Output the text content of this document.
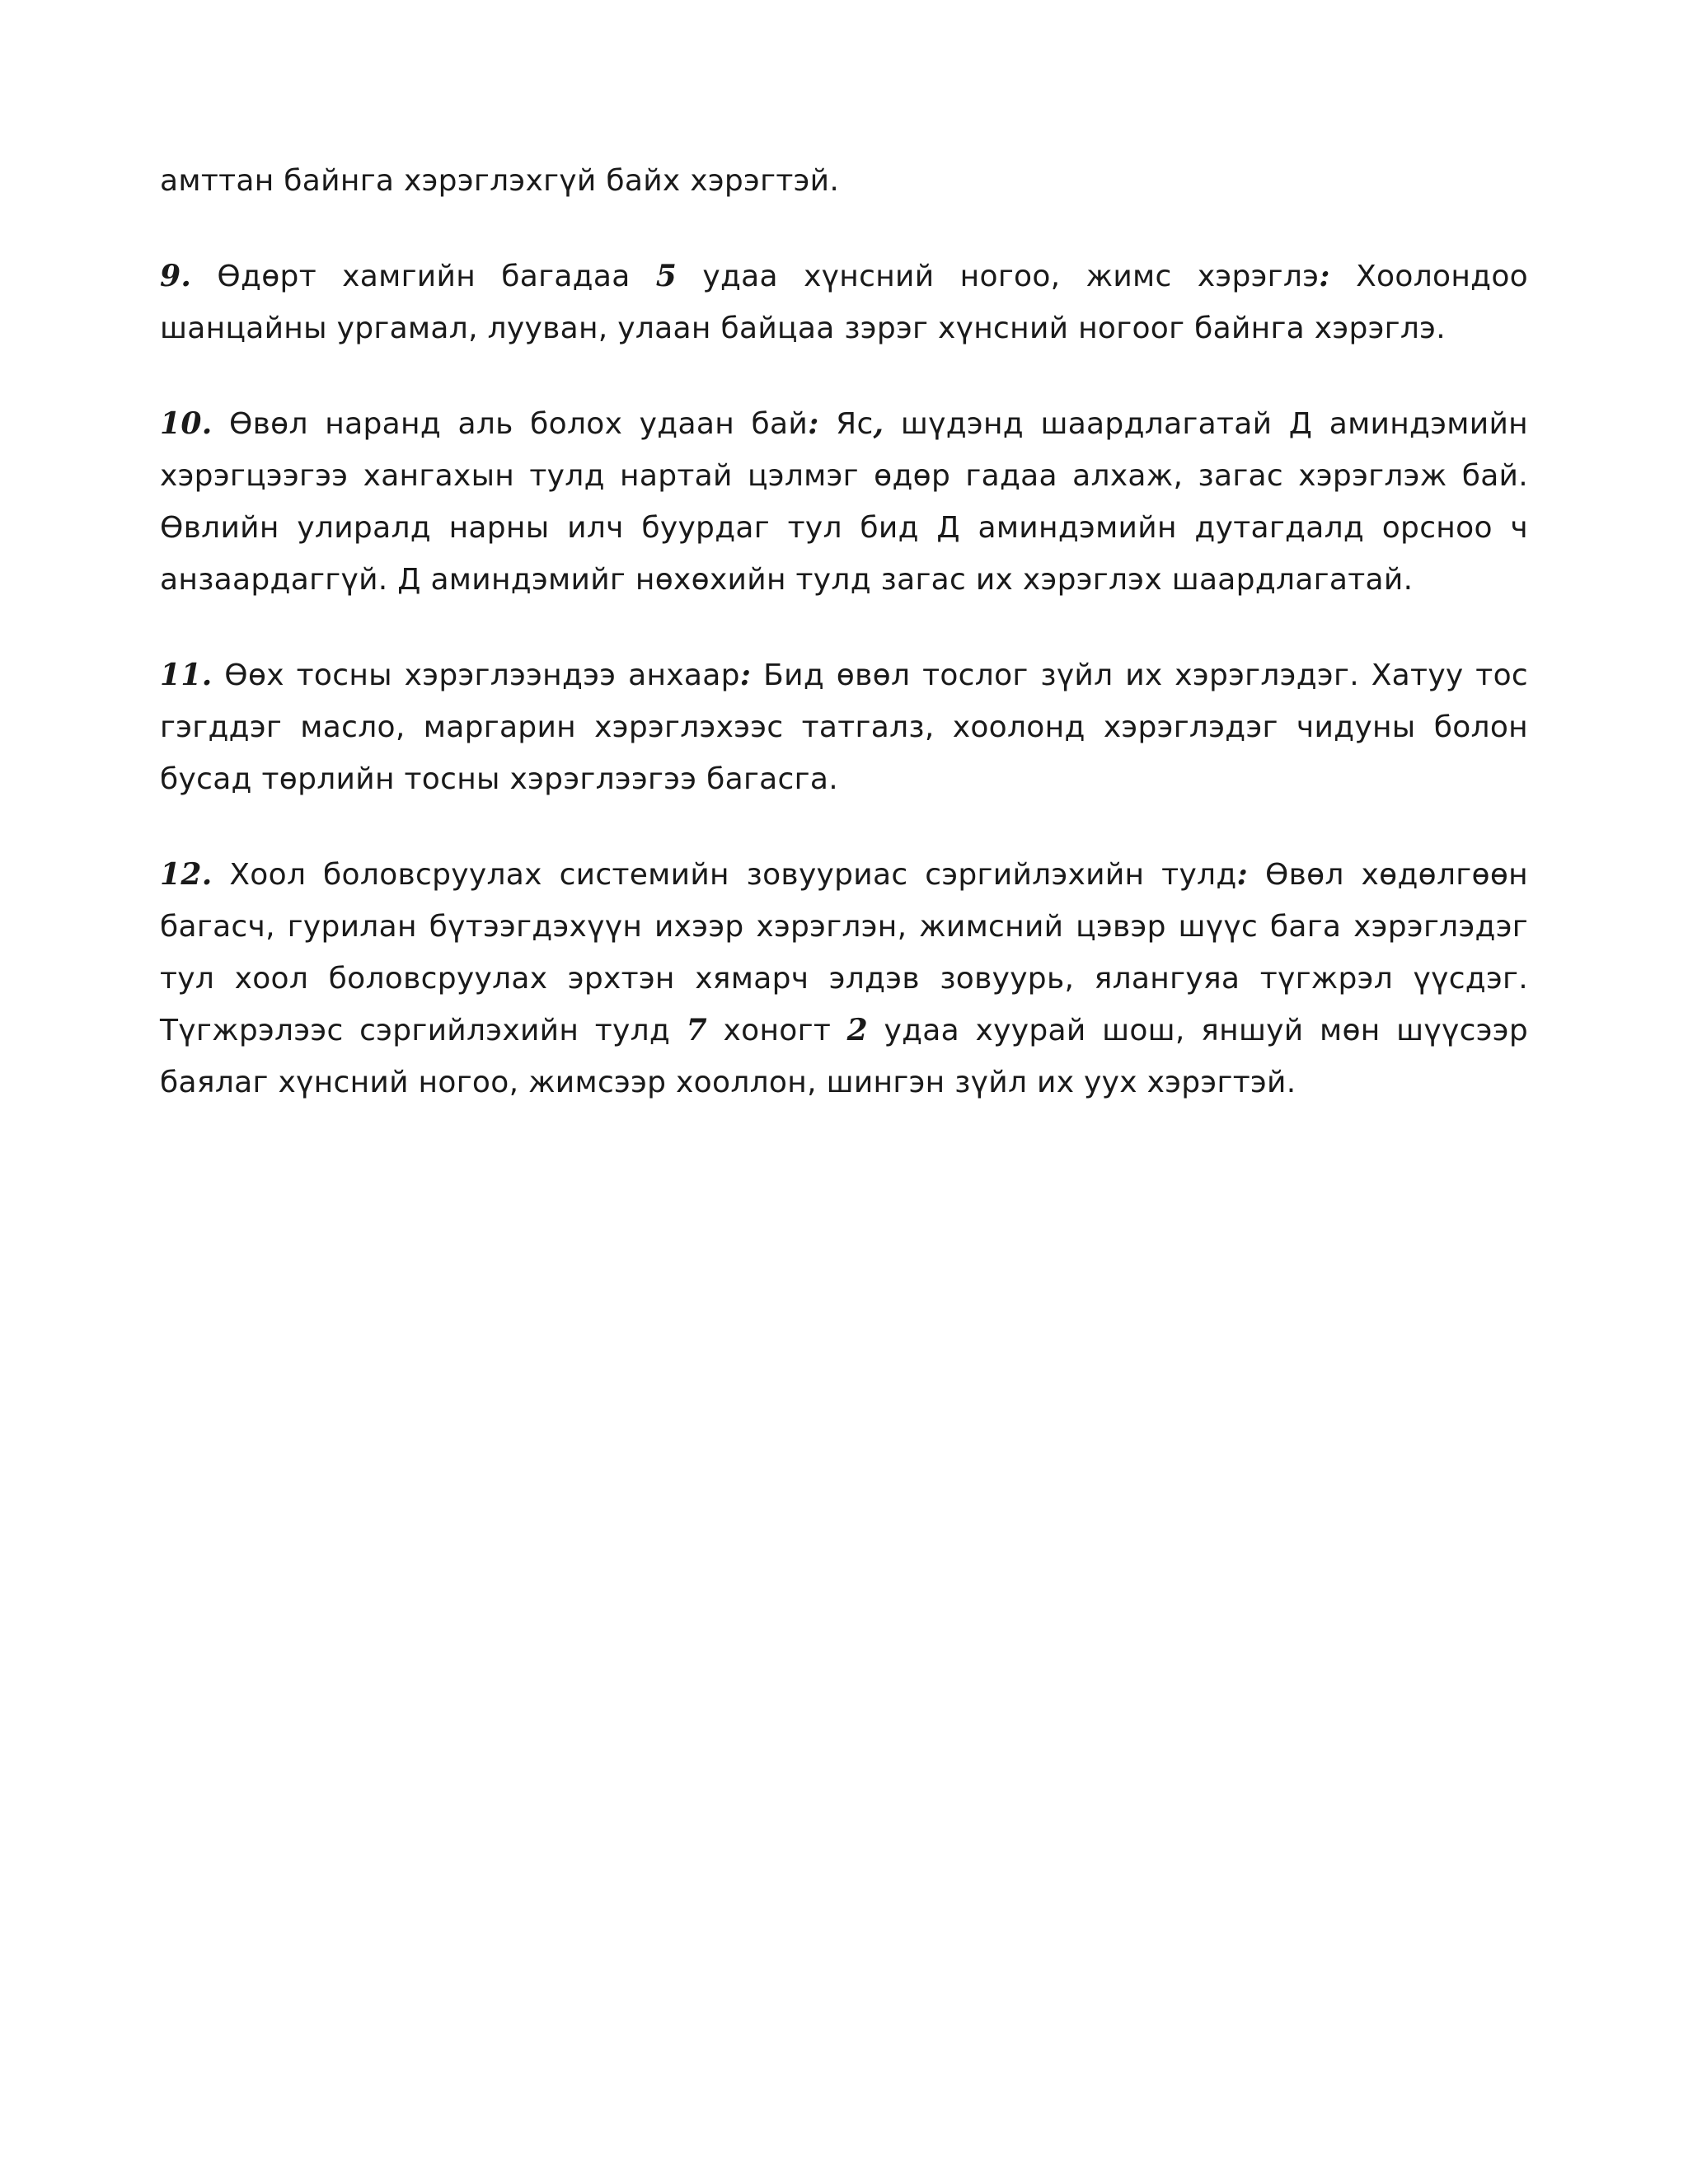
амттан байнга хэрэглэхгүй байх хэрэгтэй.

9. Өдөрт хамгийн багадаа 5 удаа хүнсний ногоо, жимс хэрэглэ: Хоолондоо шанцайны ургамал, лууван, улаан байцаа зэрэг хүнсний ногоог байнга хэрэглэ.

10. Өвөл наранд аль болох удаан бай: Яс, шүдэнд шаардлагатай Д аминдэмийн хэрэгцээгээ хангахын тулд нартай цэлмэг өдөр гадаа алхаж, загас хэрэглэж бай. Өвлийн улиралд нарны илч буурдаг тул бид Д аминдэмийн дутагдалд орсноо ч анзаардаггүй. Д аминдэмийг нөхөхийн тулд загас их хэрэглэх шаардлагатай.

11. Өөх тосны хэрэглээндээ анхаар: Бид өвөл тослог зүйл их хэрэглэдэг. Хатуу тос гэгддэг масло, маргарин хэрэглэхээс татгалз, хоолонд хэрэглэдэг чидуны болон бусад төрлийн тосны хэрэглээгээ багасга.

12. Хоол боловсруулах системийн зовууриас сэргийлэхийн тулд: Өвөл хөдөлгөөн багасч, гурилан бүтээгдэхүүн ихээр хэрэглэн, жимсний цэвэр шүүс бага хэрэглэдэг тул хоол боловсруулах эрхтэн хямарч элдэв зовуурь, ялангуяа түгжрэл үүсдэг. Түгжрэлээс сэргийлэхийн тулд 7 хоногт 2 удаа хуурай шош, яншуй мөн шүүсээр баялаг хүнсний ногоо, жимсээр хооллон, шингэн зүйл их уух хэрэгтэй.
